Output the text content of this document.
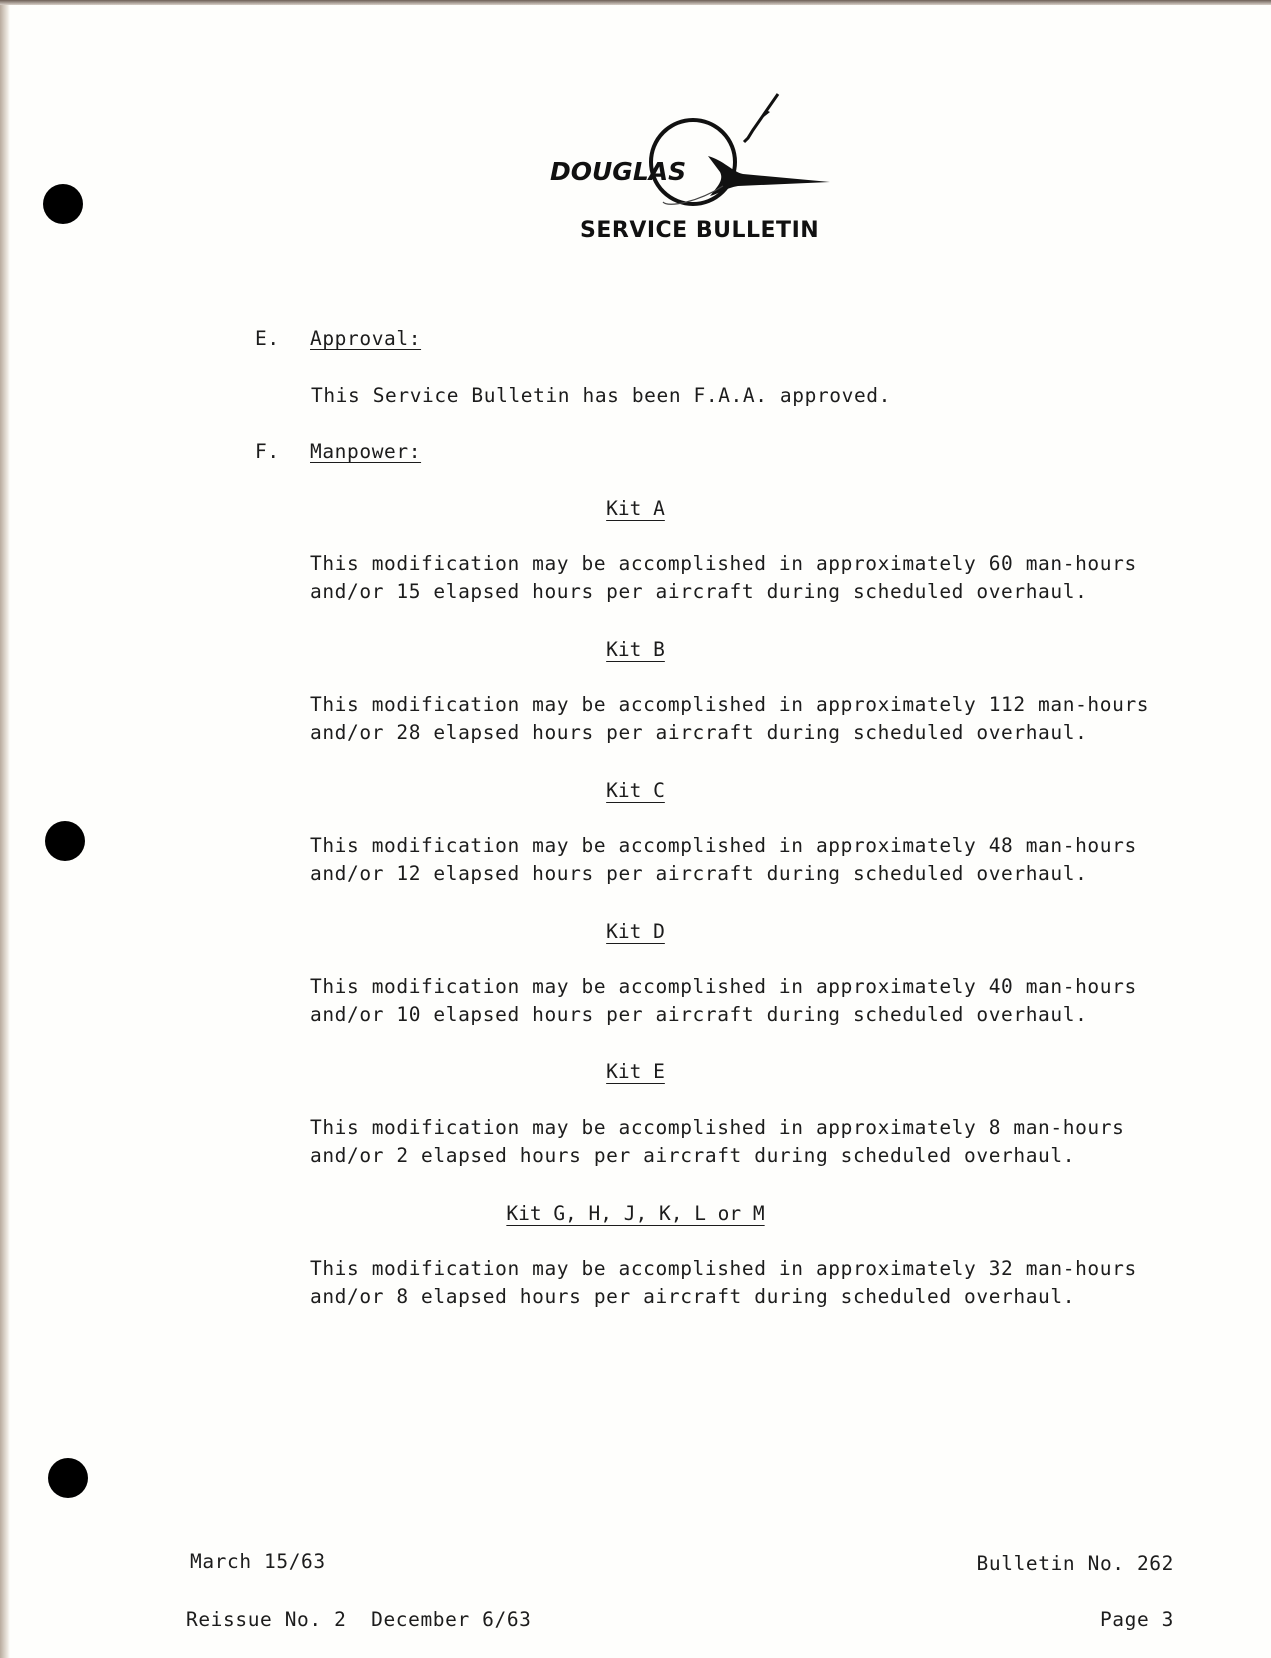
DOUGLAS
SERVICE BULLETIN
E. Approval:
This Service Bulletin has been F.A.A. approved.
F. Manpower:
Kit A
This modification may be accomplished in approximately 60 man-hours
and/or 15 elapsed hours per aircraft during scheduled overhaul.
Kit B
This modification may be accomplished in approximately 112 man-hours
and/or 28 elapsed hours per aircraft during scheduled overhaul.
Kit C
This modification may be accomplished in approximately 48 man-hours
and/or 12 elapsed hours per aircraft during scheduled overhaul.
Kit D
This modification may be accomplished in approximately 40 man-hours
and/or 10 elapsed hours per aircraft during scheduled overhaul.
Kit E
This modification may be accomplished in approximately 8 man-hours
and/or 2 elapsed hours per aircraft during scheduled overhaul.
Kit G, H, J, K, L or M
This modification may be accomplished in approximately 32 man-hours
and/or 8 elapsed hours per aircraft during scheduled overhaul.
March 15/63
Reissue No. 2  December 6/63
Bulletin No. 262
Page 3
